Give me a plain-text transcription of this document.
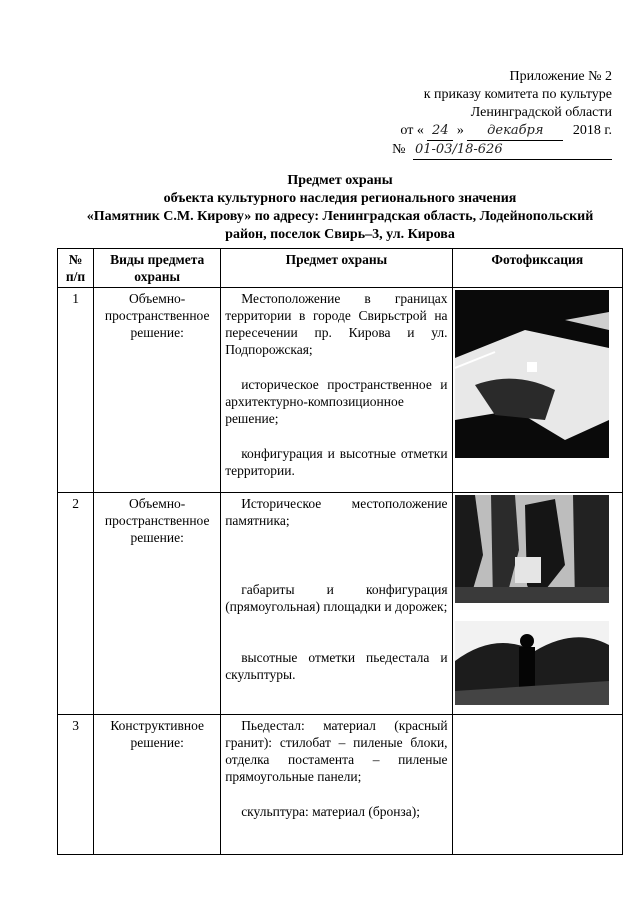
Приложение № 2
к приказу комитета по культуре
Ленинградской области
от « 24 » декабря 2018 г.
№ 01-03/18-626
Предмет охраны
объекта культурного наследия регионального значения
«Памятник С.М. Кирову» по адресу: Ленинградская область, Лодейнопольский
район, поселок Свирь–3, ул. Кирова
№ п/п	Виды предмета охраны	Предмет охраны	Фотофиксация
1	Объемно-пространственное решение:	Местоположение в границах территории в городе Свирьстрой на пересечении пр. Кирова и ул. Подпорожская;
историческое пространственное и архитектурно-композиционное решение;
конфигурация и высотные отметки территории.

2	Объемно-пространственное решение:	Историческое местоположение памятника;
габариты и конфигурация (прямоугольная) площадки и дорожек;
высотные отметки пьедестала и скульптуры.

3	Конструктивное решение:	Пьедестал: материал (красный гранит): стилобат – пиленые блоки, отделка постамента – пиленые прямоугольные панели;
скульптура: материал (бронза);	
